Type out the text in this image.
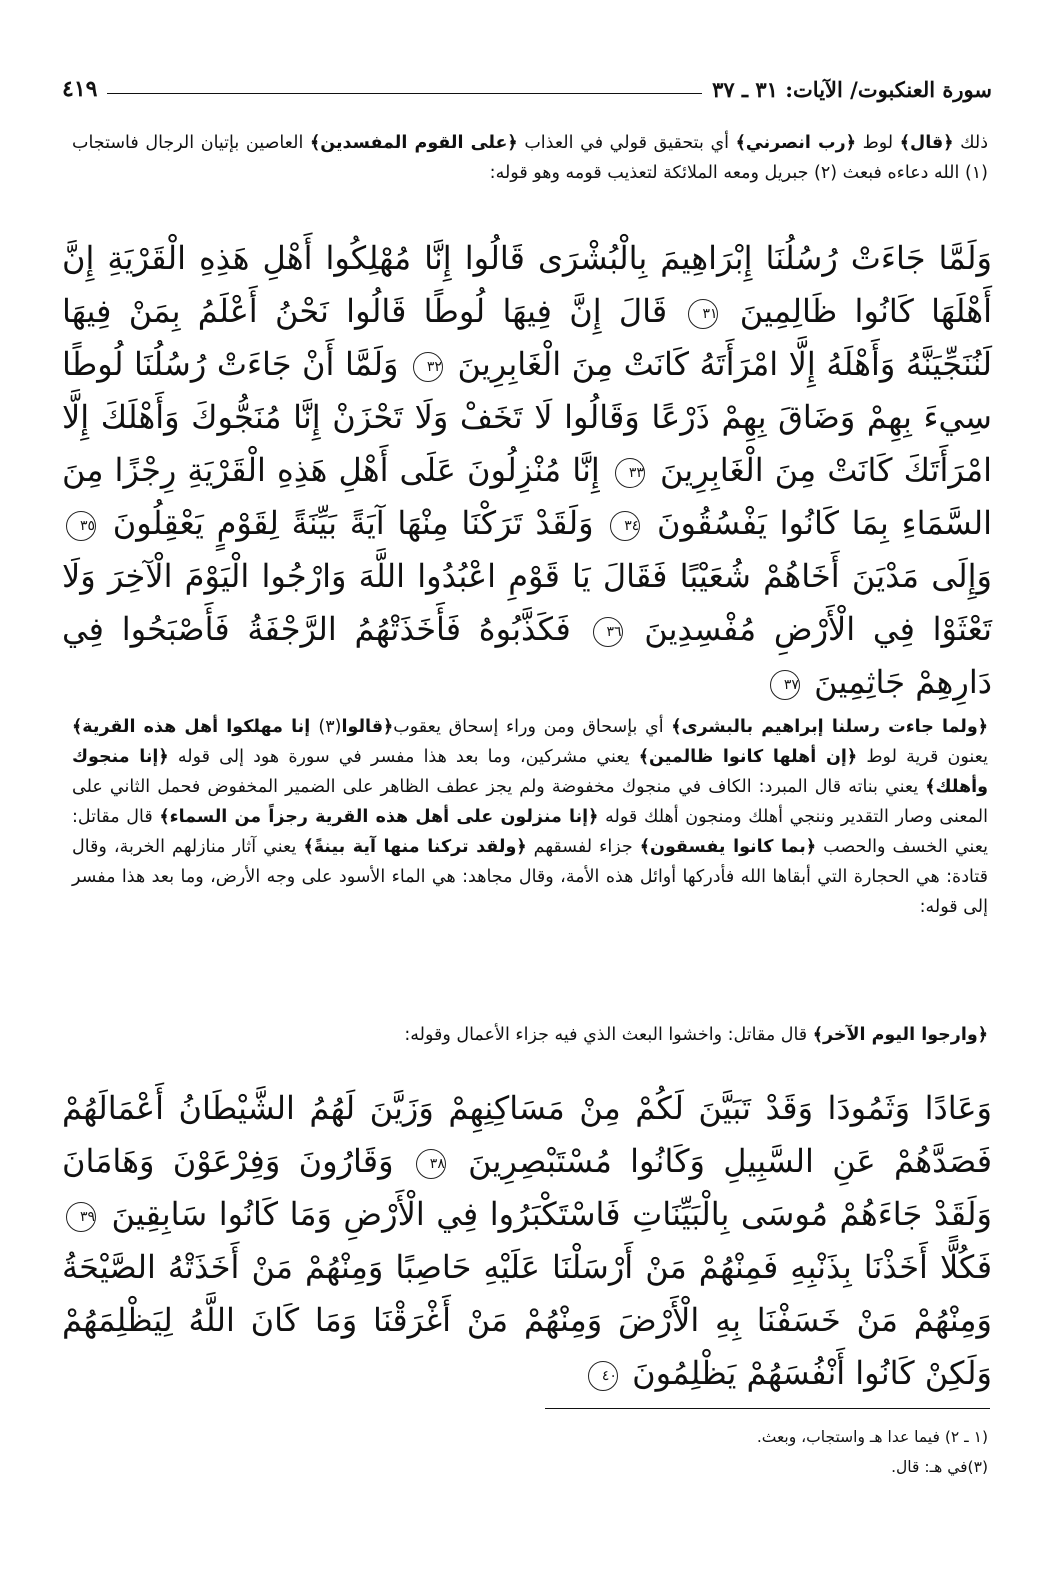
سورة العنكبوت/ الآيات: ٣١ ـ ٣٧
٤١٩
ذلك ﴿قال﴾ لوط ﴿رب انصرني﴾ أي بتحقيق قولي في العذاب ﴿على القوم المفسدين﴾ العاصين بإتيان الرجال فاستجاب (١) الله دعاءه فبعث (٢) جبريل ومعه الملائكة لتعذيب قومه وهو قوله:
وَلَمَّا جَاءَتْ رُسُلُنَا إِبْرَاهِيمَ بِالْبُشْرَى قَالُوا إِنَّا مُهْلِكُوا أَهْلِ هَذِهِ الْقَرْيَةِ إِنَّ أَهْلَهَا كَانُوا ظَالِمِينَ ٣١ قَالَ إِنَّ فِيهَا لُوطًا قَالُوا نَحْنُ أَعْلَمُ بِمَنْ فِيهَا لَنُنَجِّيَنَّهُ وَأَهْلَهُ إِلَّا امْرَأَتَهُ كَانَتْ مِنَ الْغَابِرِينَ ٣٢ وَلَمَّا أَنْ جَاءَتْ رُسُلُنَا لُوطًا سِيءَ بِهِمْ وَضَاقَ بِهِمْ ذَرْعًا وَقَالُوا لَا تَخَفْ وَلَا تَحْزَنْ إِنَّا مُنَجُّوكَ وَأَهْلَكَ إِلَّا امْرَأَتَكَ كَانَتْ مِنَ الْغَابِرِينَ ٣٣ إِنَّا مُنْزِلُونَ عَلَى أَهْلِ هَذِهِ الْقَرْيَةِ رِجْزًا مِنَ السَّمَاءِ بِمَا كَانُوا يَفْسُقُونَ ٣٤ وَلَقَدْ تَرَكْنَا مِنْهَا آيَةً بَيِّنَةً لِقَوْمٍ يَعْقِلُونَ ٣٥ وَإِلَى مَدْيَنَ أَخَاهُمْ شُعَيْبًا فَقَالَ يَا قَوْمِ اعْبُدُوا اللَّهَ وَارْجُوا الْيَوْمَ الْآخِرَ وَلَا تَعْثَوْا فِي الْأَرْضِ مُفْسِدِينَ ٣٦ فَكَذَّبُوهُ فَأَخَذَتْهُمُ الرَّجْفَةُ فَأَصْبَحُوا فِي دَارِهِمْ جَاثِمِينَ ٣٧
﴿ولما جاءت رسلنا إبراهيم بالبشرى﴾ أي بإسحاق ومن وراء إسحاق يعقوب﴿قالوا(٣) إنا مهلكوا أهل هذه القرية﴾ يعنون قرية لوط ﴿إن أهلها كانوا ظالمين﴾ يعني مشركين، وما بعد هذا مفسر في سورة هود إلى قوله ﴿إنا منجوك وأهلك﴾ يعني بناته قال المبرد: الكاف في منجوك مخفوضة ولم يجز عطف الظاهر على الضمير المخفوض فحمل الثاني على المعنى وصار التقدير وننجي أهلك ومنجون أهلك قوله ﴿إنا منزلون على أهل هذه القرية رجزاً من السماء﴾ قال مقاتل: يعني الخسف والحصب ﴿بما كانوا يفسقون﴾ جزاء لفسقهم ﴿ولقد تركنا منها آية بينةً﴾ يعني آثار منازلهم الخربة، وقال قتادة: هي الحجارة التي أبقاها الله فأدركها أوائل هذه الأمة، وقال مجاهد: هي الماء الأسود على وجه الأرض، وما بعد هذا مفسر إلى قوله:
﴿وارجوا اليوم الآخر﴾ قال مقاتل: واخشوا البعث الذي فيه جزاء الأعمال وقوله:
وَعَادًا وَثَمُودَا وَقَدْ تَبَيَّنَ لَكُمْ مِنْ مَسَاكِنِهِمْ وَزَيَّنَ لَهُمُ الشَّيْطَانُ أَعْمَالَهُمْ فَصَدَّهُمْ عَنِ السَّبِيلِ وَكَانُوا مُسْتَبْصِرِينَ ٣٨ وَقَارُونَ وَفِرْعَوْنَ وَهَامَانَ وَلَقَدْ جَاءَهُمْ مُوسَى بِالْبَيِّنَاتِ فَاسْتَكْبَرُوا فِي الْأَرْضِ وَمَا كَانُوا سَابِقِينَ ٣٩ فَكُلًّا أَخَذْنَا بِذَنْبِهِ فَمِنْهُمْ مَنْ أَرْسَلْنَا عَلَيْهِ حَاصِبًا وَمِنْهُمْ مَنْ أَخَذَتْهُ الصَّيْحَةُ وَمِنْهُمْ مَنْ خَسَفْنَا بِهِ الْأَرْضَ وَمِنْهُمْ مَنْ أَغْرَقْنَا وَمَا كَانَ اللَّهُ لِيَظْلِمَهُمْ وَلَكِنْ كَانُوا أَنْفُسَهُمْ يَظْلِمُونَ ٤٠

(١ ـ ٢) فيما عدا هـ واستجاب، وبعث.

(٣)في هـ: قال.
